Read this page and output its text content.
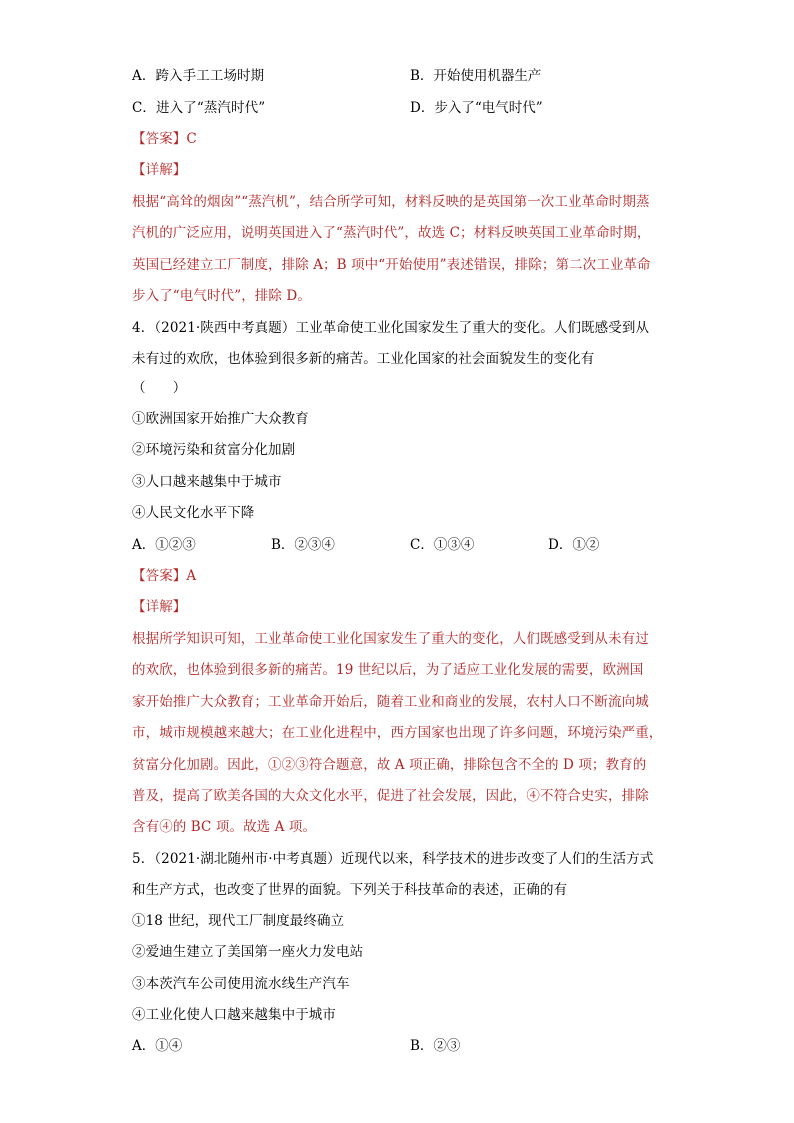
A．跨入手工工场时期	B．开始使用机器生产
C．进入了“蒸汽时代”	D．步入了“电气时代”
【答案】C
【详解】
根据“高耸的烟囱”“蒸汽机”，结合所学可知，材料反映的是英国第一次工业革命时期蒸
汽机的广泛应用，说明英国进入了“蒸汽时代”，故选 C；材料反映英国工业革命时期，
英国已经建立工厂制度，排除 A；B 项中“开始使用”表述错误，排除；第二次工业革命
步入了“电气时代”，排除 D。
4．（2021·陕西中考真题）工业革命使工业化国家发生了重大的变化。人们既感受到从
未有过的欢欣，也体验到很多新的痛苦。工业化国家的社会面貌发生的变化有
（　　）
①欧洲国家开始推广大众教育
②环境污染和贫富分化加剧
③人口越来越集中于城市
④人民文化水平下降
A．①②③	B．②③④	C．①③④	D．①②
【答案】A
【详解】
根据所学知识可知，工业革命使工业化国家发生了重大的变化，人们既感受到从未有过
的欢欣，也体验到很多新的痛苦。19 世纪以后，为了适应工业化发展的需要，欧洲国
家开始推广大众教育；工业革命开始后，随着工业和商业的发展，农村人口不断流向城
市，城市规模越来越大；在工业化进程中，西方国家也出现了许多问题，环境污染严重，
贫富分化加剧。因此，①②③符合题意，故 A 项正确，排除包含不全的 D 项；教育的
普及，提高了欧美各国的大众文化水平，促进了社会发展，因此，④不符合史实，排除
含有④的 BC 项。故选 A 项。
5．（2021·湖北随州市·中考真题）近现代以来，科学技术的进步改变了人们的生活方式
和生产方式，也改变了世界的面貌。下列关于科技革命的表述，正确的有
①18 世纪，现代工厂制度最终确立
②爱迪生建立了美国第一座火力发电站
③本茨汽车公司使用流水线生产汽车
④工业化使人口越来越集中于城市
A．①④	B．②③
